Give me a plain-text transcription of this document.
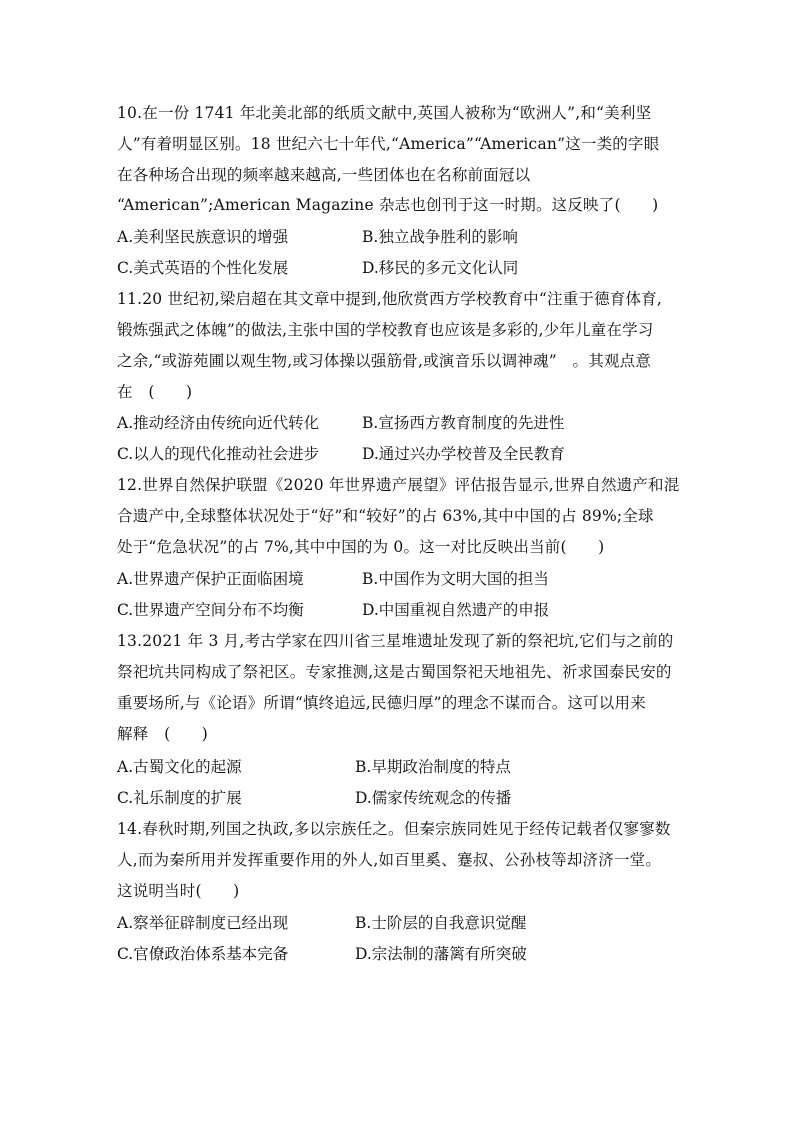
10.在一份 1741 年北美北部的纸质文献中,英国人被称为“欧洲人”,和“美利坚
人”有着明显区别。18 世纪六七十年代,“America”“American”这一类的字眼
在各种场合出现的频率越来越高,一些团体也在名称前面冠以
“American”;American Magazine 杂志也创刊于这一时期。这反映了(　　)
A.美利坚民族意识的增强	B.独立战争胜利的影响
C.美式英语的个性化发展	D.移民的多元文化认同
11.20 世纪初,梁启超在其文章中提到,他欣赏西方学校教育中“注重于德育体育,
锻炼强武之体魄”的做法,主张中国的学校教育也应该是多彩的,少年儿童在学习
之余,“或游苑圃以观生物,或习体操以强筋骨,或演音乐以调神魂”　。其观点意
在　(　　)
A.推动经济由传统向近代转化	B.宣扬西方教育制度的先进性
C.以人的现代化推动社会进步	D.通过兴办学校普及全民教育
12.世界自然保护联盟《2020 年世界遗产展望》评估报告显示,世界自然遗产和混
合遗产中,全球整体状况处于“好”和“较好”的占 63%,其中中国的占 89%;全球
处于“危急状况”的占 7%,其中中国的为 0。这一对比反映出当前(　　)
A.世界遗产保护正面临困境	B.中国作为文明大国的担当
C.世界遗产空间分布不均衡	D.中国重视自然遗产的申报
13.2021 年 3 月,考古学家在四川省三星堆遗址发现了新的祭祀坑,它们与之前的
祭祀坑共同构成了祭祀区。专家推测,这是古蜀国祭祀天地祖先、祈求国泰民安的
重要场所,与《论语》所谓“慎终追远,民德归厚”的理念不谋而合。这可以用来
解释　(　　)
A.古蜀文化的起源	B.早期政治制度的特点
C.礼乐制度的扩展	D.儒家传统观念的传播
14.春秋时期,列国之执政,多以宗族任之。但秦宗族同姓见于经传记载者仅寥寥数
人,而为秦所用并发挥重要作用的外人,如百里奚、蹇叔、公孙枝等却济济一堂。
这说明当时(　　)
A.察举征辟制度已经出现	B.士阶层的自我意识觉醒
C.官僚政治体系基本完备	D.宗法制的藩篱有所突破
